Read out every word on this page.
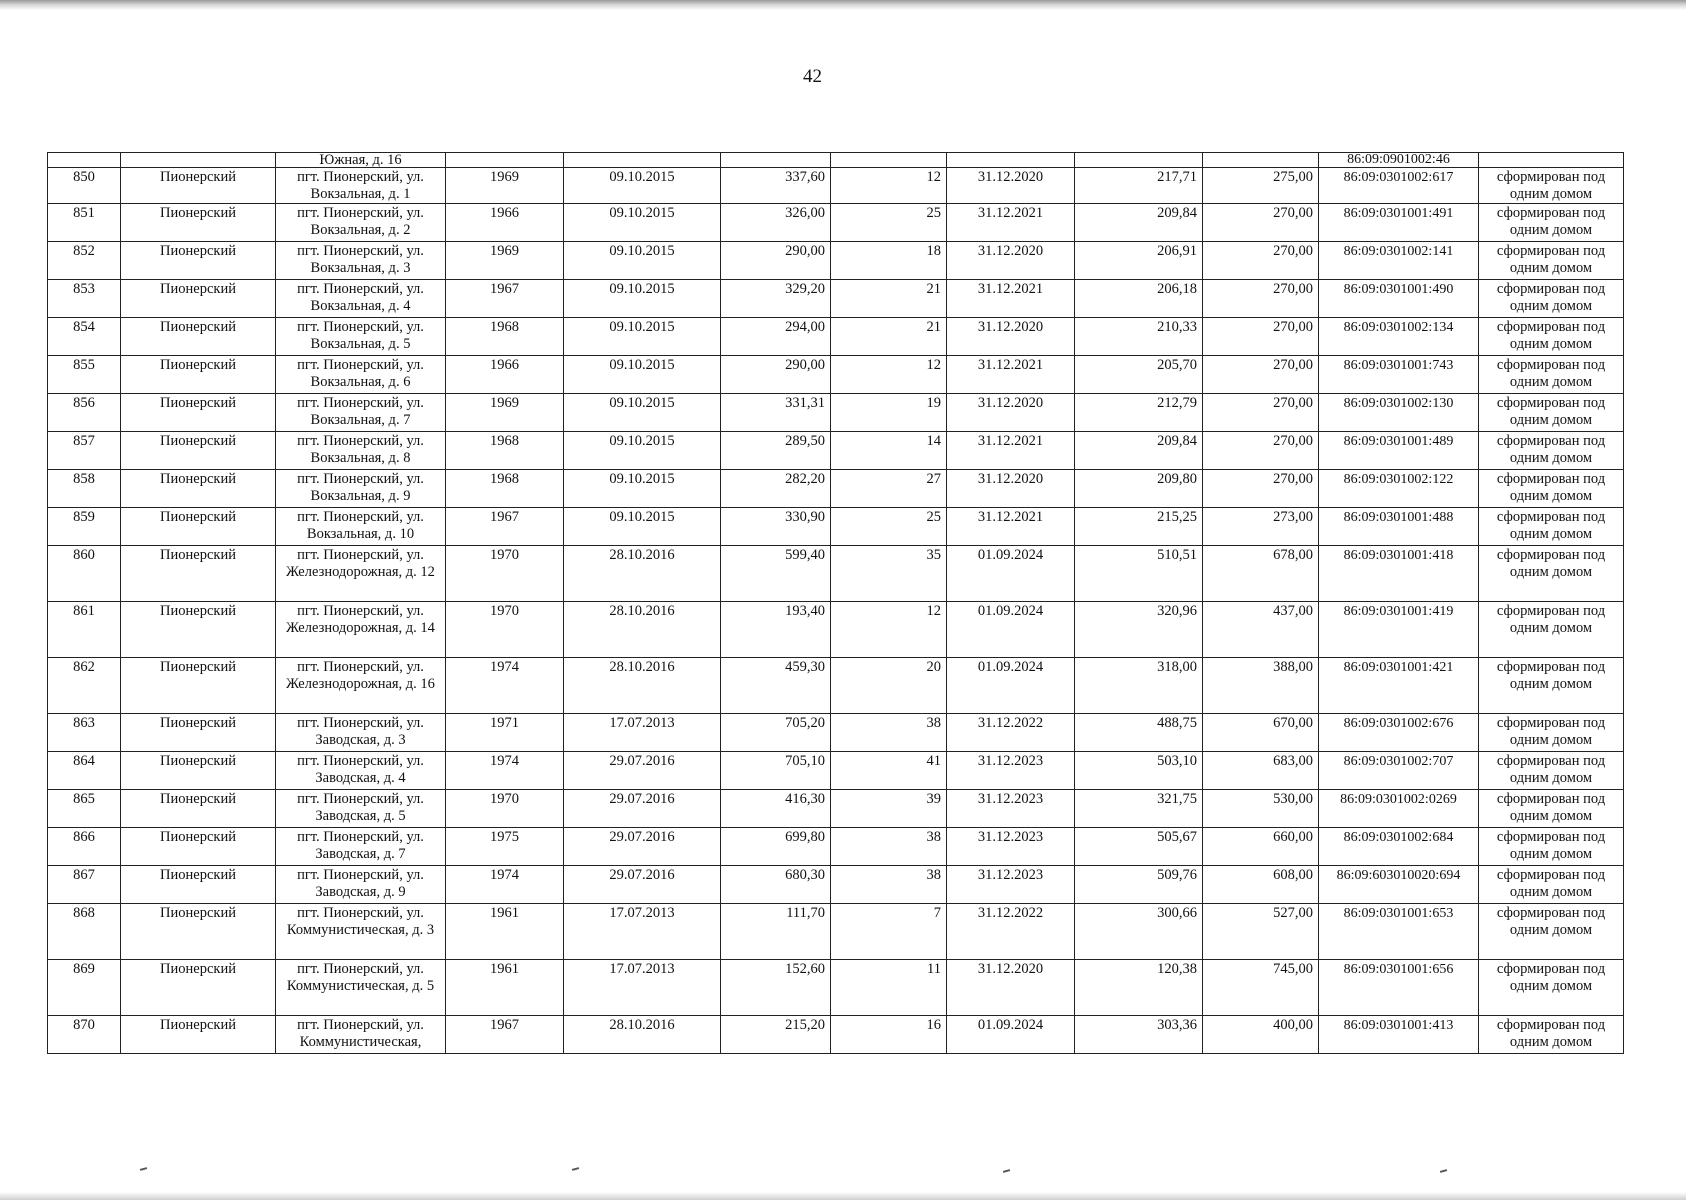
42
		Южная, д. 16								86:09:0901002:46	
850	Пионерский	пгт. Пионерский, ул. Вокзальная, д. 1	1969	09.10.2015	337,60	12	31.12.2020	217,71	275,00	86:09:0301002:617	сформирован под одним домом
851	Пионерский	пгт. Пионерский, ул. Вокзальная, д. 2	1966	09.10.2015	326,00	25	31.12.2021	209,84	270,00	86:09:0301001:491	сформирован под одним домом
852	Пионерский	пгт. Пионерский, ул. Вокзальная, д. 3	1969	09.10.2015	290,00	18	31.12.2020	206,91	270,00	86:09:0301002:141	сформирован под одним домом
853	Пионерский	пгт. Пионерский, ул. Вокзальная, д. 4	1967	09.10.2015	329,20	21	31.12.2021	206,18	270,00	86:09:0301001:490	сформирован под одним домом
854	Пионерский	пгт. Пионерский, ул. Вокзальная, д. 5	1968	09.10.2015	294,00	21	31.12.2020	210,33	270,00	86:09:0301002:134	сформирован под одним домом
855	Пионерский	пгт. Пионерский, ул. Вокзальная, д. 6	1966	09.10.2015	290,00	12	31.12.2021	205,70	270,00	86:09:0301001:743	сформирован под одним домом
856	Пионерский	пгт. Пионерский, ул. Вокзальная, д. 7	1969	09.10.2015	331,31	19	31.12.2020	212,79	270,00	86:09:0301002:130	сформирован под одним домом
857	Пионерский	пгт. Пионерский, ул. Вокзальная, д. 8	1968	09.10.2015	289,50	14	31.12.2021	209,84	270,00	86:09:0301001:489	сформирован под одним домом
858	Пионерский	пгт. Пионерский, ул. Вокзальная, д. 9	1968	09.10.2015	282,20	27	31.12.2020	209,80	270,00	86:09:0301002:122	сформирован под одним домом
859	Пионерский	пгт. Пионерский, ул. Вокзальная, д. 10	1967	09.10.2015	330,90	25	31.12.2021	215,25	273,00	86:09:0301001:488	сформирован под одним домом
860	Пионерский	пгт. Пионерский, ул. Железнодорожная, д. 12	1970	28.10.2016	599,40	35	01.09.2024	510,51	678,00	86:09:0301001:418	сформирован под одним домом
861	Пионерский	пгт. Пионерский, ул. Железнодорожная, д. 14	1970	28.10.2016	193,40	12	01.09.2024	320,96	437,00	86:09:0301001:419	сформирован под одним домом
862	Пионерский	пгт. Пионерский, ул. Железнодорожная, д. 16	1974	28.10.2016	459,30	20	01.09.2024	318,00	388,00	86:09:0301001:421	сформирован под одним домом
863	Пионерский	пгт. Пионерский, ул. Заводская, д. 3	1971	17.07.2013	705,20	38	31.12.2022	488,75	670,00	86:09:0301002:676	сформирован под одним домом
864	Пионерский	пгт. Пионерский, ул. Заводская, д. 4	1974	29.07.2016	705,10	41	31.12.2023	503,10	683,00	86:09:0301002:707	сформирован под одним домом
865	Пионерский	пгт. Пионерский, ул. Заводская, д. 5	1970	29.07.2016	416,30	39	31.12.2023	321,75	530,00	86:09:0301002:0269	сформирован под одним домом
866	Пионерский	пгт. Пионерский, ул. Заводская, д. 7	1975	29.07.2016	699,80	38	31.12.2023	505,67	660,00	86:09:0301002:684	сформирован под одним домом
867	Пионерский	пгт. Пионерский, ул. Заводская, д. 9	1974	29.07.2016	680,30	38	31.12.2023	509,76	608,00	86:09:603010020:694	сформирован под одним домом
868	Пионерский	пгт. Пионерский, ул. Коммунистическая, д. 3	1961	17.07.2013	111,70	7	31.12.2022	300,66	527,00	86:09:0301001:653	сформирован под одним домом
869	Пионерский	пгт. Пионерский, ул. Коммунистическая, д. 5	1961	17.07.2013	152,60	11	31.12.2020	120,38	745,00	86:09:0301001:656	сформирован под одним домом
870	Пионерский	пгт. Пионерский, ул. Коммунистическая,	1967	28.10.2016	215,20	16	01.09.2024	303,36	400,00	86:09:0301001:413	сформирован под одним домом
